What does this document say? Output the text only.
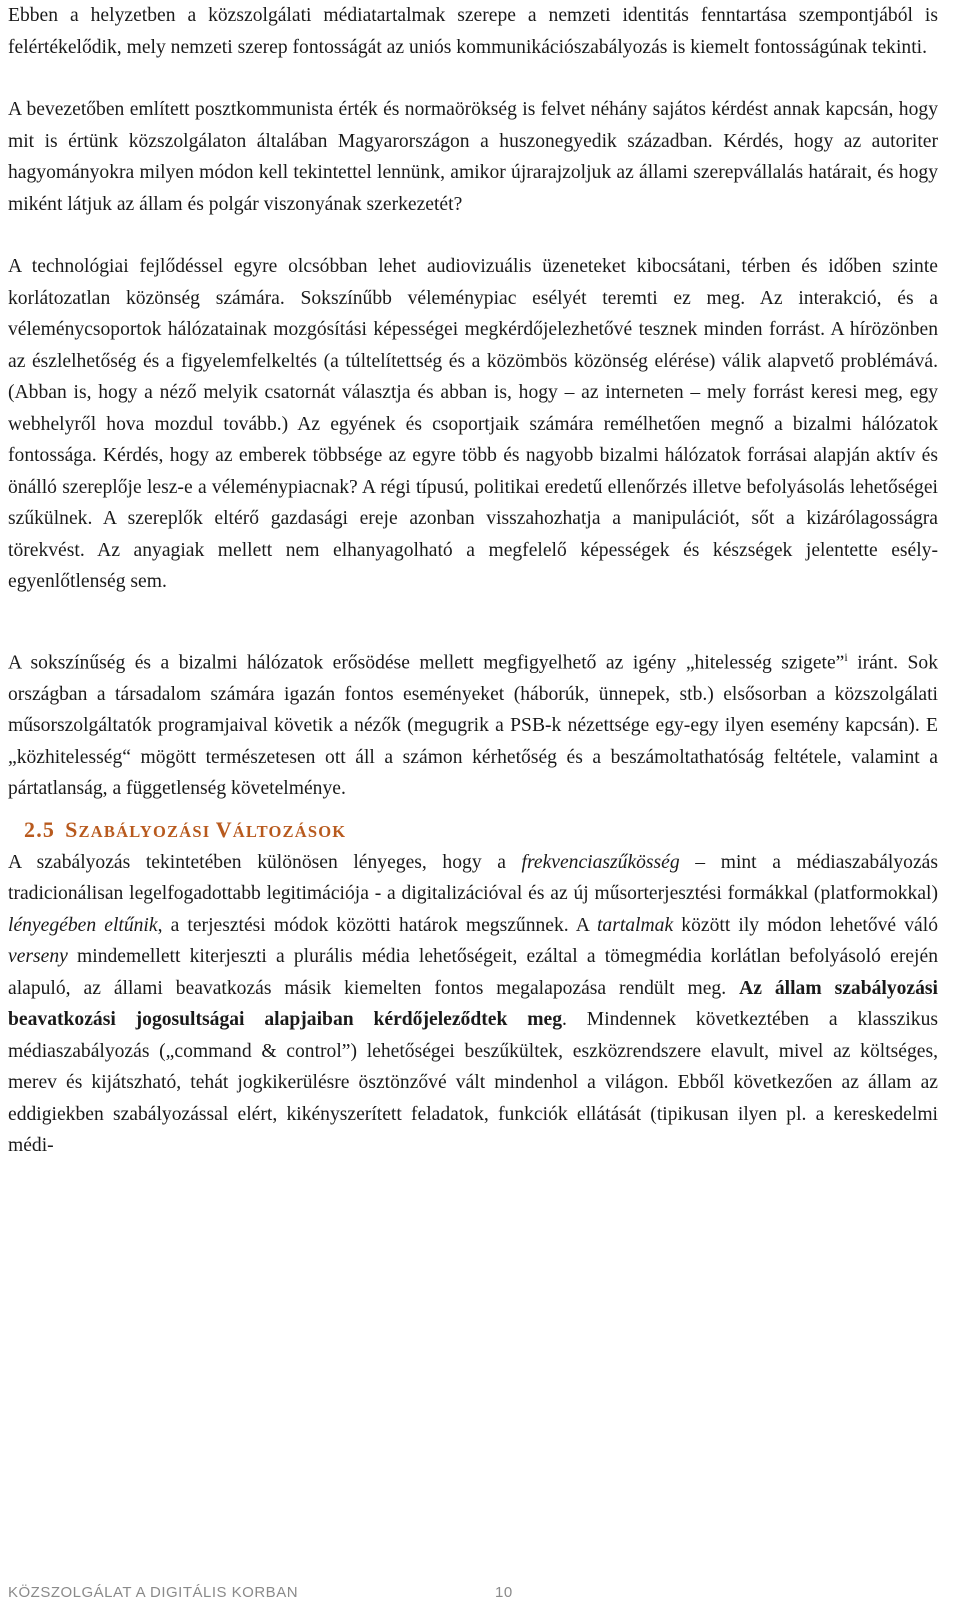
Ebben a helyzetben a közszolgálati médiatartalmak szerepe a nemzeti identitás fenntartása szempontjából is felértékelődik, mely nemzeti szerep fontosságát az uniós kommunikációszabályozás is kiemelt fontosságúnak tekinti.

A bevezetőben említett posztkommunista érték és normaörökség is felvet néhány sajátos kérdést annak kapcsán, hogy mit is értünk közszolgálaton általában Magyarországon a huszonegyedik században. Kérdés, hogy az autoriter hagyományokra milyen módon kell tekintettel lennünk, amikor újrarajzoljuk az állami szerepvállalás határait, és hogy miként látjuk az állam és polgár viszonyának szerkezetét?

A technológiai fejlődéssel egyre olcsóbban lehet audiovizuális üzeneteket kibocsátani, térben és időben szinte korlátozatlan közönség számára. Sokszínűbb véleménypiac esélyét teremti ez meg. Az interakció, és a véleménycsoportok hálózatainak mozgósítási képességei megkérdőjelezhetővé tesznek minden forrást. A hírözönben az észlelhetőség és a figyelemfelkeltés (a túltelítettség és a közömbös közönség elérése) válik alapvető problémává. (Abban is, hogy a néző melyik csatornát választja és abban is, hogy – az interneten – mely forrást keresi meg, egy webhelyről hova mozdul tovább.) Az egyének és csoportjaik számára remélhetően megnő a bizalmi hálózatok fontossága. Kérdés, hogy az emberek többsége az egyre több és nagyobb bizalmi hálózatok forrásai alapján aktív és önálló szereplője lesz-e a véleménypiacnak? A régi típusú, politikai eredetű ellenőrzés illetve befolyásolás lehetőségei szűkülnek. A szereplők eltérő gazdasági ereje azonban visszahozhatja a manipulációt, sőt a kizárólagosságra törekvést. Az anyagiak mellett nem elhanyagolható a megfelelő képességek és készségek jelentette esély-egyenlőtlenség sem.

A sokszínűség és a bizalmi hálózatok erősödése mellett megfigyelhető az igény „hitelesség szigete”$^i$ iránt. Sok országban a társadalom számára igazán fontos eseményeket (háborúk, ünnepek, stb.) elsősorban a közszolgálati műsorszolgáltatók programjaival követik a nézők (megugrik a PSB-k nézettsége egy-egy ilyen esemény kapcsán). E „közhitelesség“ mögött természetesen ott áll a számon kérhetőség és a beszámoltathatóság feltétele, valamint a pártatlanság, a függetlenség követelménye.

2.5 SZABÁLYOZÁSI VÁLTOZÁSOK

A szabályozás tekintetében különösen lényeges, hogy a frekvenciaszűkösség – mint a médiaszabályozás tradicionálisan legelfogadottabb legitimációja - a digitalizációval és az új műsorterjesztési formákkal (platformokkal) lényegében eltűnik, a terjesztési módok közötti határok megszűnnek. A tartalmak között ily módon lehetővé váló verseny mindemellett kiterjeszti a plurális média lehetőségeit, ezáltal a tömegmédia korlátlan befolyásoló erején alapuló, az állami beavatkozás másik kiemelten fontos megalapozása rendült meg. Az állam szabályozási beavatkozási jogosultságai alapjaiban kérdőjeleződtek meg. Mindennek következtében a klasszikus médiaszabályozás („command & control”) lehetőségei beszűkültek, eszközrendszere elavult, mivel az költséges, merev és kijátszható, tehát jogkikerülésre ösztönzővé vált mindenhol a világon. Ebből következően az állam az eddigiekben szabályozással elért, kikényszerített feladatok, funkciók ellátását (tipikusan ilyen pl. a kereskedelmi médi-

KÖZSZOLGÁLAT A DIGITÁLIS KORBAN	10
